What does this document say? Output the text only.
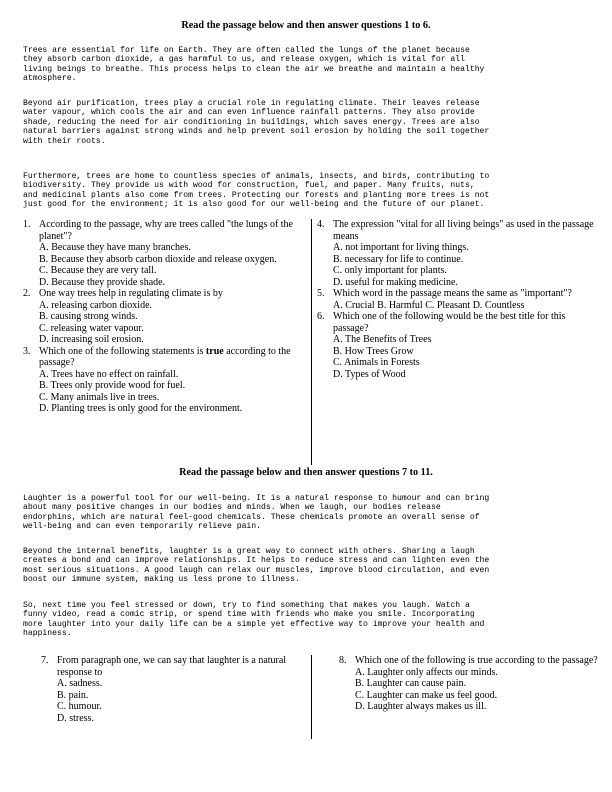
Read the passage below and then answer questions 1 to 6.
Trees are essential for life on Earth. They are often called the lungs of the planet because
they absorb carbon dioxide, a gas harmful to us, and release oxygen, which is vital for all
living beings to breathe. This process helps to clean the air we breathe and maintain a healthy
atmosphere.
Beyond air purification, trees play a crucial role in regulating climate. Their leaves release
water vapour, which cools the air and can even influence rainfall patterns. They also provide
shade, reducing the need for air conditioning in buildings, which saves energy. Trees are also
natural barriers against strong winds and help prevent soil erosion by holding the soil together
with their roots.
Furthermore, trees are home to countless species of animals, insects, and birds, contributing to
biodiversity. They provide us with wood for construction, fuel, and paper. Many fruits, nuts,
and medicinal plants also come from trees. Protecting our forests and planting more trees is not
just good for the environment; it is also good for our well-being and the future of our planet.
1. According to the passage, why are trees called "the lungs of the planet"?
A. Because they have many branches.
B. Because they absorb carbon dioxide and release oxygen.
C. Because they are very tall.
D. Because they provide shade.
2. One way trees help in regulating climate is by
A. releasing carbon dioxide.
B. causing strong winds.
C. releasing water vapour.
D. increasing soil erosion.
3. Which one of the following statements is true according to the passage?
A. Trees have no effect on rainfall.
B. Trees only provide wood for fuel.
C. Many animals live in trees.
D. Planting trees is only good for the environment.
4. The expression "vital for all living beings" as used in the passage means
A. not important for living things.
B. necessary for life to continue.
C. only important for plants.
D. useful for making medicine.
5. Which word in the passage means the same as "important"?
A. Crucial B. Harmful C. Pleasant D. Countless
6. Which one of the following would be the best title for this passage?
A. The Benefits of Trees
B. How Trees Grow
C. Animals in Forests
D. Types of Wood
Read the passage below and then answer questions 7 to 11.
Laughter is a powerful tool for our well-being. It is a natural response to humour and can bring
about many positive changes in our bodies and minds. When we laugh, our bodies release
endorphins, which are natural feel-good chemicals. These chemicals promote an overall sense of
well-being and can even temporarily relieve pain.
Beyond the internal benefits, laughter is a great way to connect with others. Sharing a laugh
creates a bond and can improve relationships. It helps to reduce stress and can lighten even the
most serious situations. A good laugh can relax our muscles, improve blood circulation, and even
boost our immune system, making us less prone to illness.
So, next time you feel stressed or down, try to find something that makes you laugh. Watch a
funny video, read a comic strip, or spend time with friends who make you smile. Incorporating
more laughter into your daily life can be a simple yet effective way to improve your health and
happiness.
7. From paragraph one, we can say that laughter is a natural response to
A. sadness.
B. pain.
C. humour.
D. stress.
8. Which one of the following is true according to the passage?
A. Laughter only affects our minds.
B. Laughter can cause pain.
C. Laughter can make us feel good.
D. Laughter always makes us ill.
